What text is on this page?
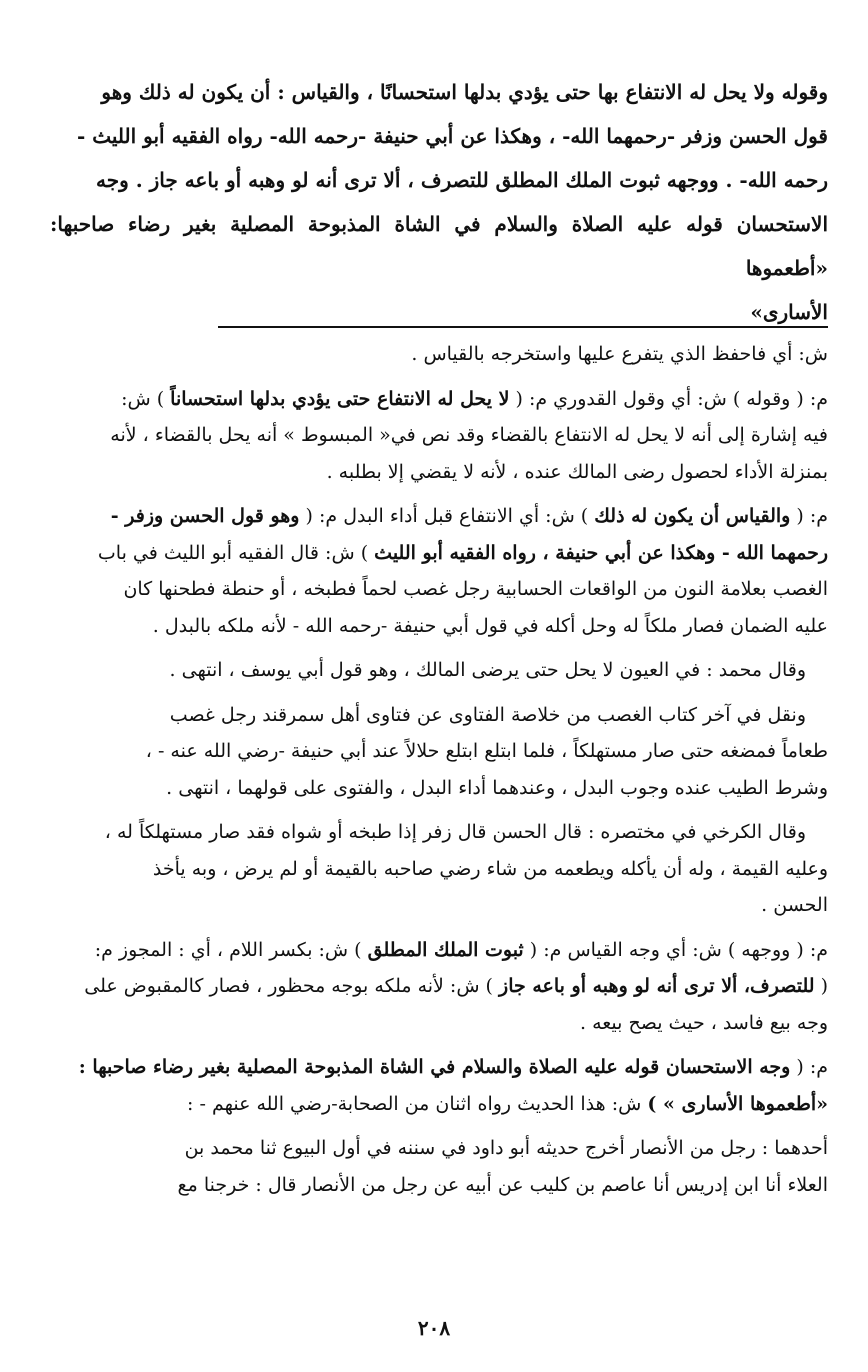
وقوله ولا يحل له الانتفاع بها حتى يؤدي بدلها استحسانًا ، والقياس : أن يكون له ذلك وهو
قول الحسن وزفر -رحمهما الله- ، وهكذا عن أبي حنيفة -رحمه الله- رواه الفقيه أبو الليث -
رحمه الله- . ووجهه ثبوت الملك المطلق للتصرف ، ألا ترى أنه لو وهبه أو باعه جاز . وجه
الاستحسان قوله عليه الصلاة والسلام في الشاة المذبوحة المصلية بغير رضاء صاحبها: «أطعموها
الأسارى»
ش: أي فاحفظ الذي يتفرع عليها واستخرجه بالقياس .
م: ( وقوله ) ش: أي وقول القدوري م: ( لا يحل له الانتفاع حتى يؤدي بدلها استحساناً ) ش:
فيه إشارة إلى أنه لا يحل له الانتفاع بالقضاء وقد نص في« المبسوط » أنه يحل بالقضاء ، لأنه
بمنزلة الأداء لحصول رضى المالك عنده ، لأنه لا يقضي إلا بطلبه .
م: ( والقياس أن يكون له ذلك ) ش: أي الانتفاع قبل أداء البدل م: ( وهو قول الحسن وزفر -
رحمهما الله - وهكذا عن أبي حنيفة ، رواه الفقيه أبو الليث ) ش: قال الفقيه أبو الليث في باب
الغصب بعلامة النون من الواقعات الحسابية رجل غصب لحماً فطبخه ، أو حنطة فطحنها كان
عليه الضمان فصار ملكاً له وحل أكله في قول أبي حنيفة -رحمه الله - لأنه ملكه بالبدل .
وقال محمد : في العيون لا يحل حتى يرضى المالك ، وهو قول أبي يوسف ، انتهى .
ونقل في آخر كتاب الغصب من خلاصة الفتاوى عن فتاوى أهل سمرقند رجل غصب
طعاماً فمضغه حتى صار مستهلكاً ، فلما ابتلع ابتلع حلالاً عند أبي حنيفة -رضي الله عنه - ،
وشرط الطيب عنده وجوب البدل ، وعندهما أداء البدل ، والفتوى على قولهما ، انتهى .
وقال الكرخي في مختصره : قال الحسن قال زفر إذا طبخه أو شواه فقد صار مستهلكاً له ،
وعليه القيمة ، وله أن يأكله ويطعمه من شاء رضي صاحبه بالقيمة أو لم يرض ، وبه يأخذ
الحسن .
م: ( ووجهه ) ش: أي وجه القياس م: ( ثبوت الملك المطلق ) ش: بكسر اللام ، أي : المجوز م:
( للتصرف، ألا ترى أنه لو وهبه أو باعه جاز ) ش: لأنه ملكه بوجه محظور ، فصار كالمقبوض على
وجه بيع فاسد ، حيث يصح بيعه .
م: ( وجه الاستحسان قوله عليه الصلاة والسلام في الشاة المذبوحة المصلية بغير رضاء صاحبها :
«أطعموها الأسارى » ) ش: هذا الحديث رواه اثنان من الصحابة-رضي الله عنهم - :
أحدهما : رجل من الأنصار أخرج حديثه أبو داود في سننه في أول البيوع ثنا محمد بن
العلاء أنا ابن إدريس أنا عاصم بن كليب عن أبيه عن رجل من الأنصار قال : خرجنا مع
٢٠٨
